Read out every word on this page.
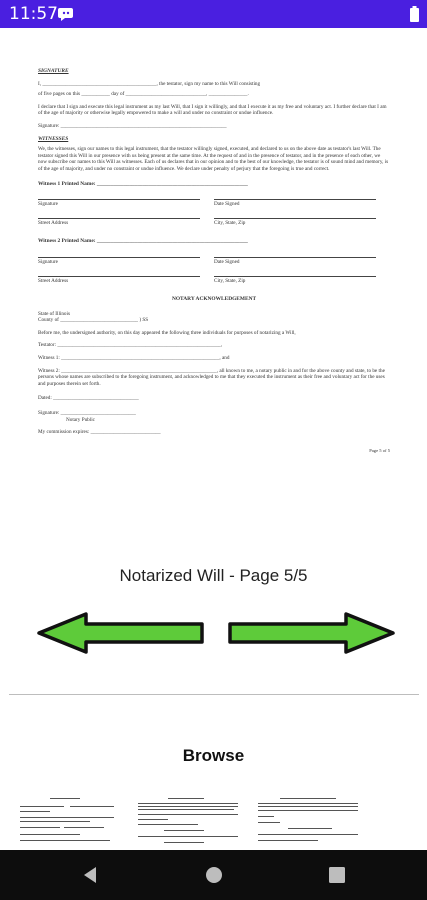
11:57

SIGNATURE

I, ____________________________________________, the testator, sign my name to this Will consisting

of five pages on this ___________ day of _______________________________, _______________.

I declare that I sign and execute this legal instrument as my last Will, that I sign it willingly, and that I execute it as my free and voluntary act. I further declare that I am of the age of majority or otherwise legally empowered to make a will and under no constraint or undue influence.

Signature: ________________________________________________________________

WITNESSES

We, the witnesses, sign our names to this legal instrument, that the testator willingly signed, executed, and declared to us on the above date as testator's last Will. The testator signed this Will in our presence with us being present at the same time. At the request of and in the presence of testator, and in the presence of each other, we now subscribe our names to this Will as witnesses. Each of us declares that in our opinion and to the best of our knowledge, the testator is of sound mind and memory, is of the age of majority, and under no constraint or undue influence. We declare under penalty of perjury that the foregoing is true and correct.

Witness 1 Printed Name: ________________________________________________________

Signature	Date Signed
Street Address	City, State, Zip

Witness 2 Printed Name: ________________________________________________________

Signature	Date Signed
Street Address	City, State, Zip

NOTARY ACKNOWLEDGEMENT

State of Illinois

County of ______________________________ ) SS

Before me, the undersigned authority, on this day appeared the following three individuals for purposes of notarizing a Will,

Testator: _______________________________________________________________,

Witness 1: _____________________________________________________________, and

Witness 2: ____________________________________________________________, all known to me, a notary public in and for the above county and state, to be the persons whose names are subscribed to the foregoing instrument, and acknowledged to me that they executed the instrument as their free and voluntary act for the uses and purposes therein set forth.

Dated: _________________________________

Signature: _____________________________

Notary Public

My commission expires: ___________________________

Page 5 of 5

Notarized Will - Page 5/5
Browse
